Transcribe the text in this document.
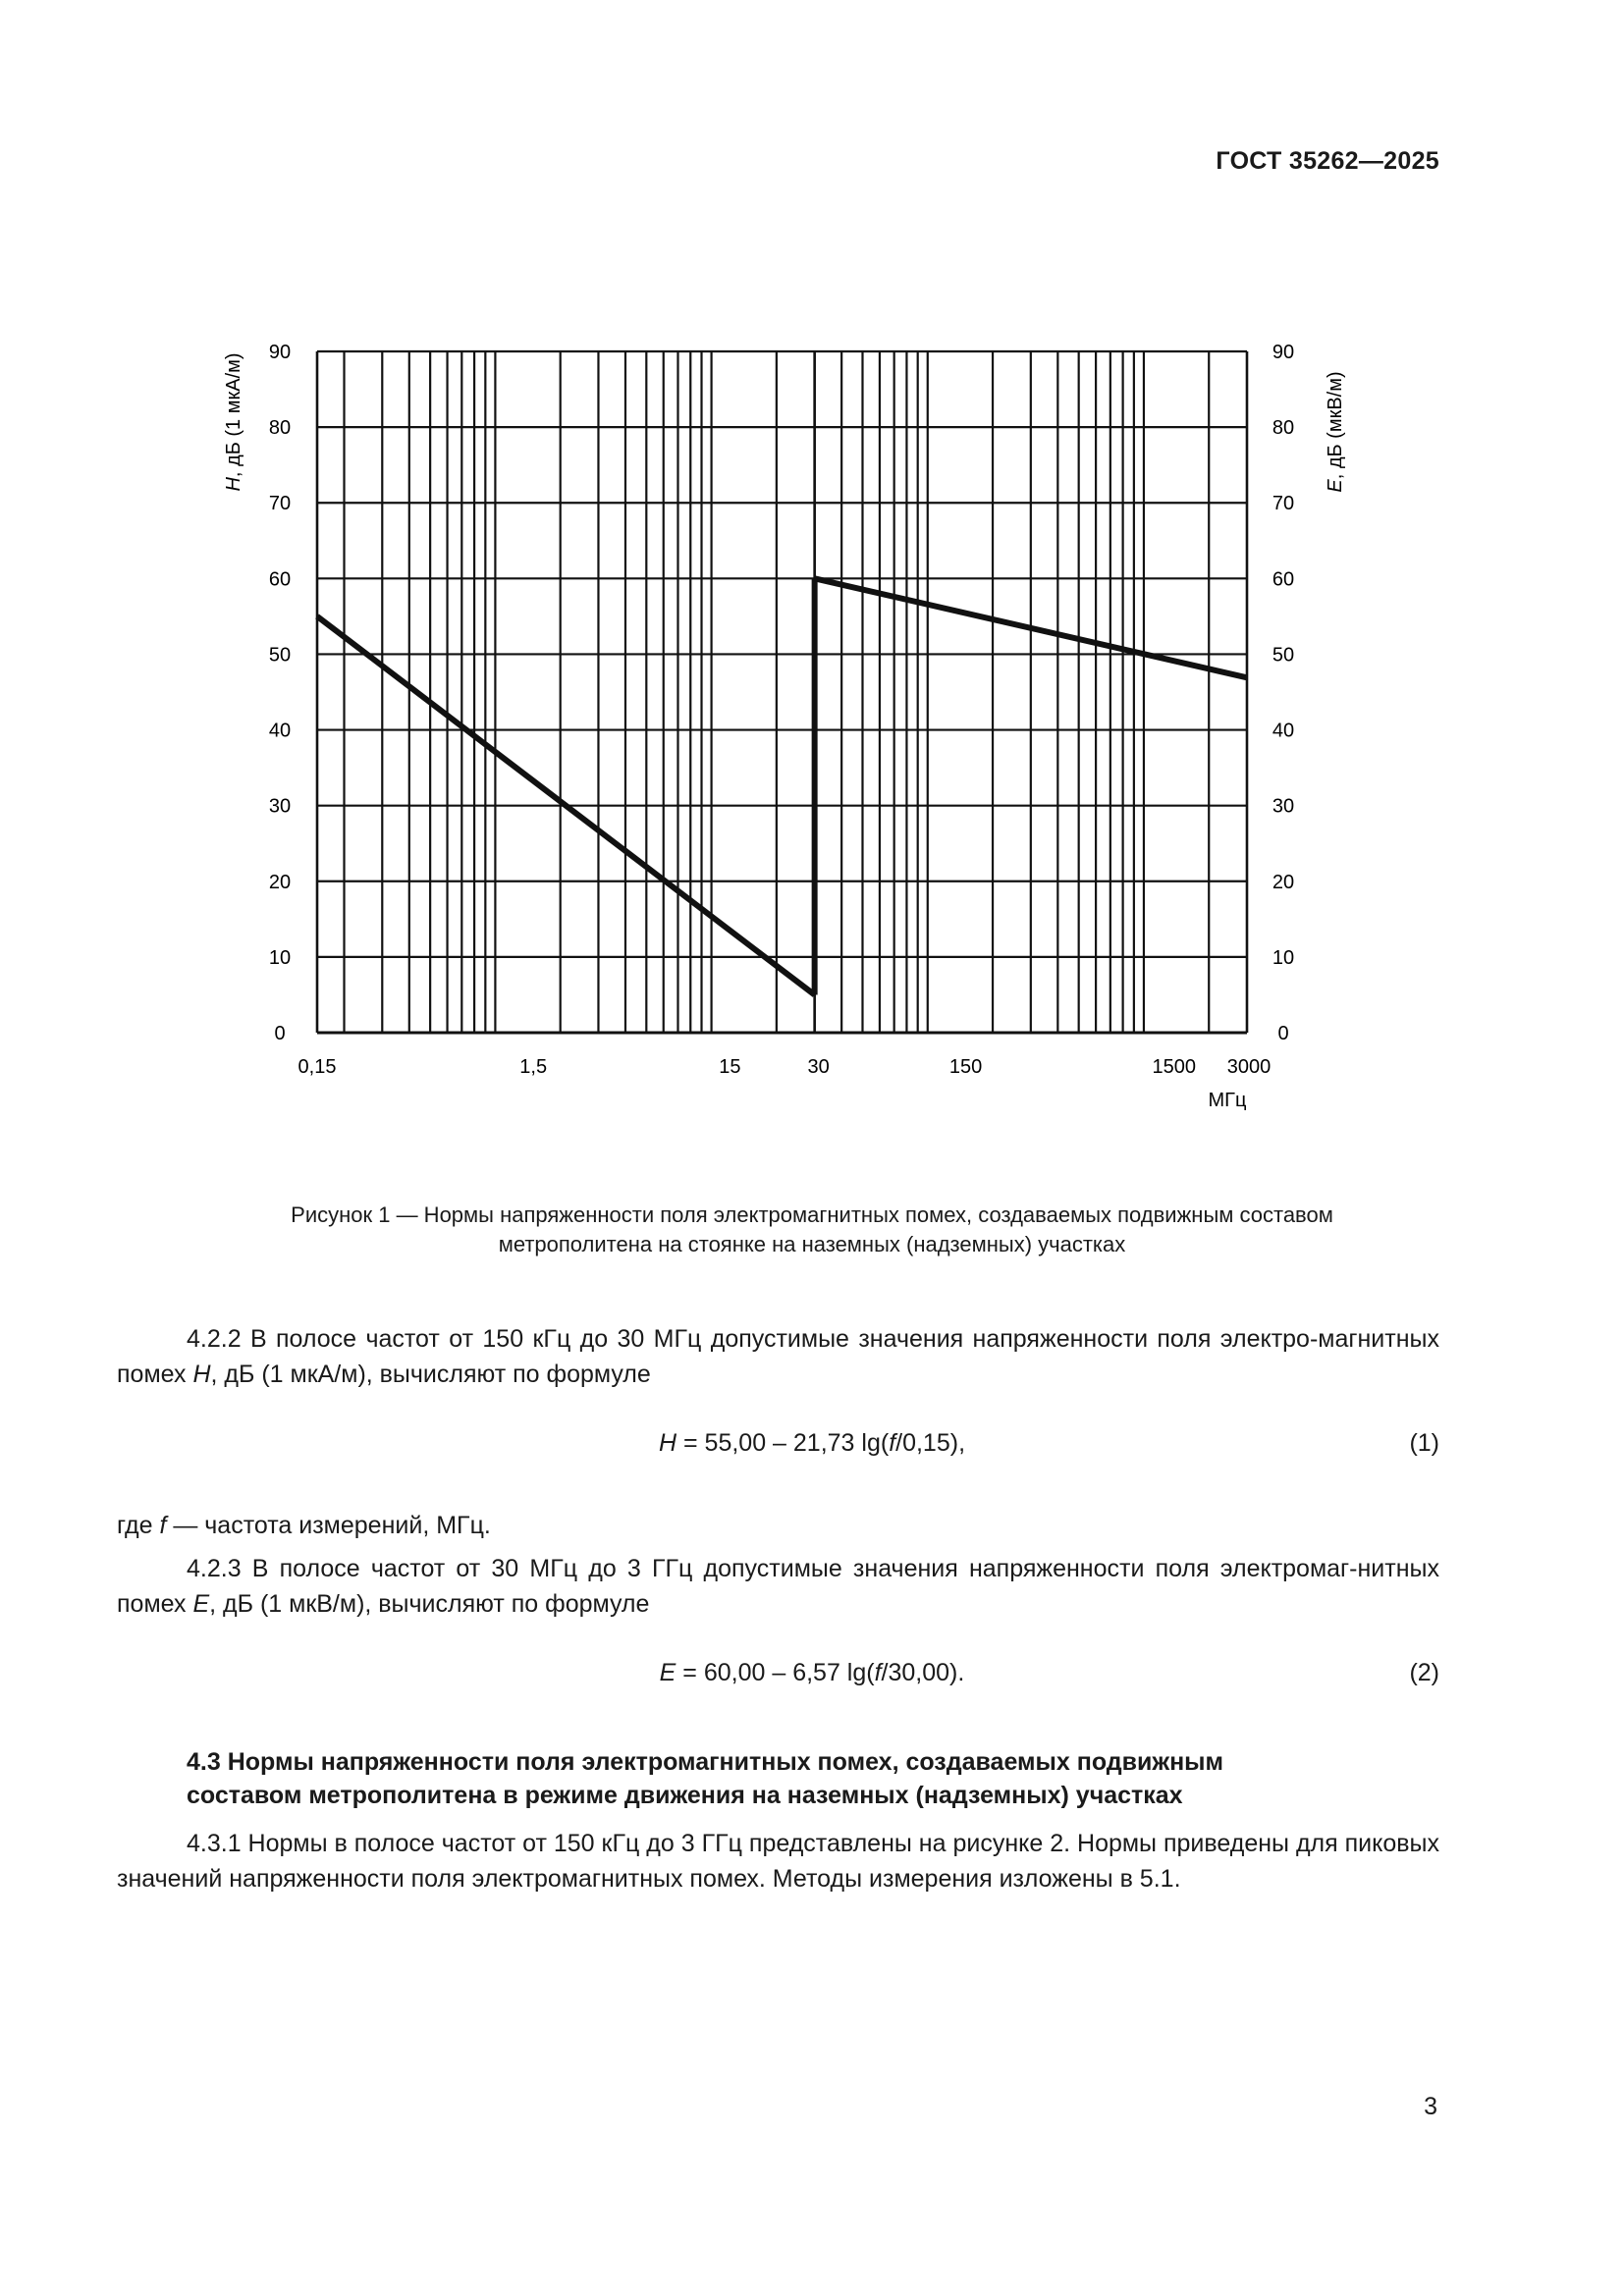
ГОСТ 35262—2025
0	0
10	10
20	20
30	30
40	40
50	50
60	60
70	70
80	80
90	90
0,15	1,5	15	30	150	1500 3000
МГц
H, дБ (1 мкА/м)
E, дБ (мкВ/м)
Рисунок 1 — Нормы напряженности поля электромагнитных помех, создаваемых подвижным составом
метрополитена на стоянке на наземных (надземных) участках
4.2.2 В полосе частот от 150 кГц до 30 МГц допустимые значения напряженности поля электро-магнитных помех H, дБ (1 мкА/м), вычисляют по формуле
H = 55,00 – 21,73 lg(f/0,15),	(1)
где f — частота измерений, МГц.
4.2.3 В полосе частот от 30 МГц до 3 ГГц допустимые значения напряженности поля электромаг-нитных помех E, дБ (1 мкВ/м), вычисляют по формуле
E = 60,00 – 6,57 lg(f/30,00).	(2)
4.3 Нормы напряженности поля электромагнитных помех, создаваемых подвижным
составом метрополитена в режиме движения на наземных (надземных) участках
4.3.1 Нормы в полосе частот от 150 кГц до 3 ГГц представлены на рисунке 2. Нормы приведены для пиковых значений напряженности поля электромагнитных помех. Методы измерения изложены в 5.1.
3
